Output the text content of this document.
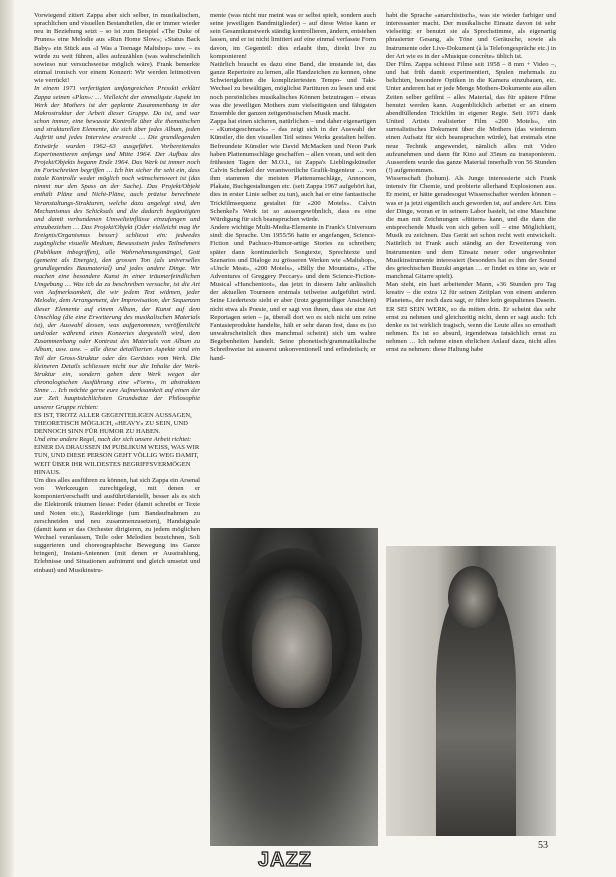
Vorwiegend zitiert Zappa aber sich selber, in musikalischen, sprachlichen und visuellen Bestandteilen, die er immer wieder neu in Beziehung setzt – so ist zum Beispiel «The Duke of Prunes» eine Melodie aus «Run Home Slow»; «Status Back Baby» ein Stück aus «I Was a Teenage Maltshop» usw. – es würde zu weit führen, alles aufzuzählen (was wahrscheinlich sowieso nur versuchsweise möglich wäre). Frank bemerkte einmal ironisch vor einem Konzert: Wir werden leitmotiven wie verrückt!

In einem 1971 verfertigten umfangreichen Presskit erklärt Zappa seinen «Plan»: … Vielleicht der einmaligste Aspekt im Werk der Mothers ist der geplante Zusammenhang in der Makrostruktur der Arbeit dieser Gruppe. Da ist, und war schon immer, eine bewusste Kontrolle über die thematischen und strukturellen Elemente, die sich über jedes Album, jeden Auftritt und jedes Interview erstreckt … Die grundlegenden Entwürfe wurden 1962–63 ausgeführt. Vorbereitendes Experimentieren anfangs und Mitte 1964. Der Aufbau des Projekt/Objekts begann Ende 1964. Das Werk ist immer noch im Fortschreiten begriffen … Ich bin sicher ihr seht ein, dass totale Kontrolle weder möglich noch wünschenswert ist (das nimmt nur den Spass an der Sache). Das Projekt/Objekt enthält Pläne und Nicht-Pläne, auch präzise berechnete Veranstaltungs-Strukturen, welche dazu angelegt sind, den Mechanismus des Schicksals und die dadurch begünstigten und damit verbundenen Umwelteinflüsse einzufangen und einzubeziehen … Das Projekt/Objekt (Oder vielleicht mag ihr Ereignis/Organismus besser) schliesst ein: jedwedes zugängliche visuelle Medium, Bewusstsein jedes Teilnehmers (Publikum inbegriffen), alle Wahrnehmungsmängel, Gott (gemeint als Energie), den grossen Ton (als universelles grundlegendes Baumaterial) und jedes andere Dinge. Wir machen eine besondere Kunst in einer träumerfeindlichen Umgebung … Was ich da zu beschreiben versuche, ist die Art von Aufmerksamkeit, die wir jedem Text widmen, jeder Melodie, dem Arrangement, der Improvisation, der Sequenzen dieser Elemente auf einem Album, der Kunst auf dem Umschlag (die eine Erweiterung des musikalischen Materials ist), der Auswahl dessen, was aufgenommen, veröffentlicht und/oder während eines Konzertes dargestellt wird, dem Zusammenhang oder Kontrast des Materials von Album zu Album, usw. usw. – alle diese detaillierten Aspekte sind ein Teil der Gross-Struktur oder des Gerüstes vom Werk. Die kleineren Details schliessen nicht nur die Inhalte der Werk-Struktur ein, sondern geben dem Werk wegen der chronologischen Ausführung eine «Form», in abstraktem Sinne … Ich möchte gerne eure Aufmerksamkeit auf einen der zur Zeit hauptsächlichsten Grundsätze der Philosophie unserer Gruppe richten:

ES IST, TROTZ ALLER GEGENTEILIGEN AUSSAGEN, THEORETISCH MÖGLICH, «HEAVY» ZU SEIN, UND DENNOCH SINN FÜR HUMOR ZU HABEN.

Und eine andere Regel, nach der sich unsere Arbeit richtet:

EINER DA DRAUSSEN IM PUBLIKUM WEISS, WAS WIR TUN, UND DIESE PERSON GEHT VÖLLIG WEG DAMIT, WEIT ÜBER IHR WILDESTES BEGRIFFSVERMÖGEN HINAUS.

Um dies alles ausführen zu können, hat sich Zappa ein Arsenal von Werkzeugen zurechtgelegt, mit denen er komponiert/erschafft und ausführt/darstellt, besser als es sich die Elektronik träumen liesse: Feder (damit schreibt er Texte und Noten etc.), Rasierklinge (um Bandaufnahmen zu zerschneiden und neu zusammenzusetzen), Handsignale (damit kann er das Orchester dirigieren, zu jedem möglichen Wechsel veranlassen, Teile oder Melodien bezeichnen, Soli suggerieren und choreographische Bewegung ins Ganze bringen), Instant-Antennen (mit denen er Ausstrahlung, Erlebnisse und Situationen aufnimmt und gleich umsetzt und einbaut) und Musikinstru-

mente (was nicht nur meint was er selbst spielt, sondern auch seine jeweiligen Bandmitglieder) – auf diese Weise kann er sein Gesamtkunstwerk ständig kontrollieren, ändern, entstehen lassen, und er ist nicht limitiert auf eine einmal verfasste Form davon, im Gegenteil: dies erlaubt ihm, direkt live zu komponieren!

Natürlich braucht es dazu eine Band, die imstande ist, das ganze Repertoire zu lernen, alle Handzeichen zu kennen, ohne Schwierigkeiten die kompliziertesten Tempo- und Takt-Wechsel zu bewältigen, möglichst Partituren zu lesen und erst noch persönliches musikalisches Können beizutragen – etwas was die jeweiligen Mothers zum vielseitigsten und fähigsten Ensemble der ganzen zeitgenössischen Musik macht.

Zappa hat einen sicheren, natürlichen – und daher eigenartigen – «Kunstgeschmack» – das zeigt sich in der Auswahl der Künstler, die den visuellen Teil seines Werks gestalten helfen. Befreundete Künstler wie David McMacken und Neon Park haben Plattenumschläge geschaffen – allen voran, und seit den frühesten Tagen der M.O.I., ist Zappa's Lieblingskünstler Calvin Schenkel der verantwortliche Grafik-Ingenieur … von ihm stammen die meisten Plattenumschläge, Annoncen, Plakate, Buchgestaltungen etc. (seit Zappa 1967 aufgehört hat, dies in erster Linie selber zu tun), auch hat er eine fantastische Trickfilmsequenz gestaltet für «200 Motels». Calvin Schenkel's Werk ist so aussergewöhnlich, dass es eine Würdigung für sich beanspruchen würde.

Andere wichtige Multi-Media-Elemente in Frank's Universum sind: die Sprache. Um 1955/56 hatte er angefangen, Science-Fiction und Pachuco-Humor-artige Stories zu schreiben; später dann kontinuierlich Songtexte, Sprechtexte und Szenarios und Dialoge zu grösseren Werken wie «Maltshop», «Uncle Meat», «200 Motels», «Billy the Mountain», «The Adventures of Greggery Peccary» und dem Science-Fiction-Musical «Hunchentoot», das jetzt in diesem Jahr anlässlich der aktuellen Tourneen erstmals teilweise aufgeführt wird. Seine Liedertexte sieht er aber (trotz gegenteiliger Ansichten) nicht etwa als Poesie, und er sagt von ihnen, dass sie eine Art Reportagen seien – ja, überall dort wo es sich nicht um reine Fantasieprodukte handelte, hält er sehr daran fest, dass es (so unwahrscheinlich dies manchmal scheint) sich um wahre Begebenheiten handelt. Seine phonetisch/grammatikalische Schreibweise ist ausserst unkonventionell und erfindetisch; er hand-

habt die Sprache «anarchistisch», was sie wieder farbiger und interessanter macht. Der musikalische Einsatz davon ist sehr vielseitig: er benutzt sie als Sprechstimme, als eigenartig phrasierter Gesang, als Töne und Geräusche, sowie als Instrumente oder Live-Dokument (à la Telefongespräche etc.) in der Art wie es in der «Musique concrète» üblich ist.

Der Film. Zappa schiesst Filme seit 1958 – 8 mm + Video –, und hat früh damit experimentiert, Spulen mehrmals zu belichten, besondere Optiken in die Kamera einzubauen, etc. Unter anderem hat er jede Menge Mothers-Dokumente aus allen Zeiten selber gefilmt – alles Material, das für spätere Filme benutzt werden kann. Augenblicklich arbeitet er an einem abendfüllenden Trickfilm in eigener Regie. Seit 1971 dank United Artists realisierter Film «200 Motels», ein surrealistisches Dokument über die Mothers (das wiederum einen Aufsatz für sich beanspruchen würde), hat erstmals eine neue Technik angewendet, nämlich alles mit Video aufzunehmen und dann für Kino auf 35mm zu transponieren. Ausserdem wurde das ganze Material innerhalb von 56 Stunden (!) aufgenommen.

Wissenschaft (hohum). Als Junge interessierte sich Frank intensiv für Chemie, und probierte allerhand Explosionen aus. Er meint, er hätte geradesogut Wissenschafter werden können – was er ja jetzt eigentlich auch geworden ist, auf andere Art. Eins der Dinge, woran er in seinem Labor bastelt, ist eine Maschine die man mit Zeichnungen «füttern» kann, und die dann die entsprechende Musik von sich geben soll – eine Möglichkeit, Musik zu zeichnen. Das Gerät sei schon recht weit entwickelt. Natürlich ist Frank auch ständig an der Erweiterung von Instrumenten und dem Einsatz neuer oder ungewohnter Musikinstrumente interessiert (besonders hat es ihm der Sound des griechischen Buzuki angetan … er findet es töne so, wie er manchmal Gitarre spielt).

Man sieht, ein hart arbeitender Mann, «36 Stunden pro Tag kreativ – die extra 12 für seinen Zeitplan von einem anderen Planeten», der noch dazu sagt, er führe kein gespaltenes Dasein. ER SEI SEIN WERK, so da mitten drin. Er scheint das sehr ernst zu nehmen und gleichzeitig nicht, denn er sagt auch: Ich denke es ist wirklich tragisch, wenn die Leute alles so ernsthaft nehmen. Es ist so absurd, irgendetwas tatsächlich ernst zu nehmen … Ich nehme einen ehrlichen Anlauf dazu, nicht alles ernst zu nehmen: diese Haltung habe

JAZZ
53
